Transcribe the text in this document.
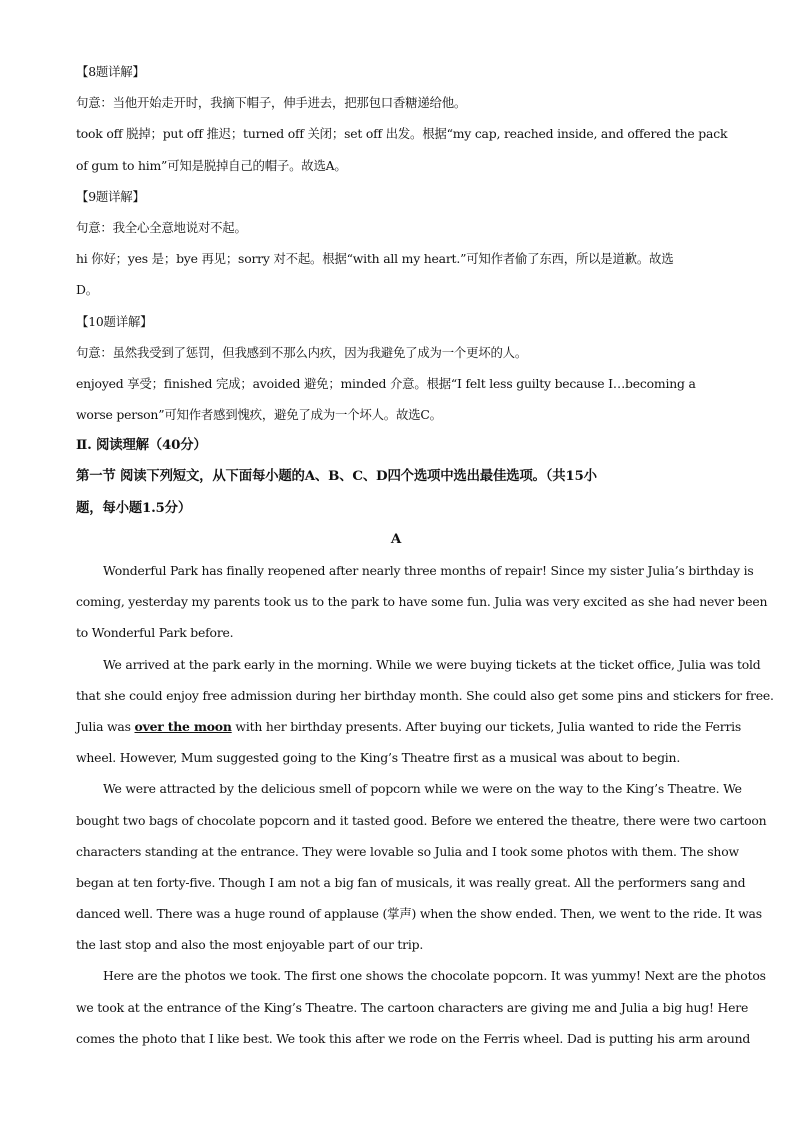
【8题详解】
句意：当他开始走开时，我摘下帽子，伸手进去，把那包口香糖递给他。
took off 脱掉；put off 推迟；turned off 关闭；set off 出发。根据“my cap, reached inside, and offered the pack
of gum to him”可知是脱掉自己的帽子。故选A。
【9题详解】
句意：我全心全意地说对不起。
hi 你好；yes 是；bye 再见；sorry 对不起。根据“with all my heart.”可知作者偷了东西，所以是道歉。故选
D。
【10题详解】
句意：虽然我受到了惩罚，但我感到不那么内疚，因为我避免了成为一个更坏的人。
enjoyed 享受；finished 完成；avoided 避免；minded 介意。根据“I felt less guilty because I…becoming a
worse person”可知作者感到愧疚，避免了成为一个坏人。故选C。
Ⅱ. 阅读理解（40分）
第一节 阅读下列短文，从下面每小题的A、B、C、D四个选项中选出最佳选项。（共15小
题，每小题1.5分）
A
Wonderful Park has finally reopened after nearly three months of repair! Since my sister Julia’s birthday is
coming, yesterday my parents took us to the park to have some fun. Julia was very excited as she had never been
to Wonderful Park before.
We arrived at the park early in the morning. While we were buying tickets at the ticket office, Julia was told
that she could enjoy free admission during her birthday month. She could also get some pins and stickers for free.
Julia was over the moon with her birthday presents. After buying our tickets, Julia wanted to ride the Ferris
wheel. However, Mum suggested going to the King’s Theatre first as a musical was about to begin.
We were attracted by the delicious smell of popcorn while we were on the way to the King’s Theatre. We
bought two bags of chocolate popcorn and it tasted good. Before we entered the theatre, there were two cartoon
characters standing at the entrance. They were lovable so Julia and I took some photos with them. The show
began at ten forty-five. Though I am not a big fan of musicals, it was really great. All the performers sang and
danced well. There was a huge round of applause (掌声) when the show ended. Then, we went to the ride. It was
the last stop and also the most enjoyable part of our trip.
Here are the photos we took. The first one shows the chocolate popcorn. It was yummy! Next are the photos
we took at the entrance of the King’s Theatre. The cartoon characters are giving me and Julia a big hug! Here
comes the photo that I like best. We took this after we rode on the Ferris wheel. Dad is putting his arm around
